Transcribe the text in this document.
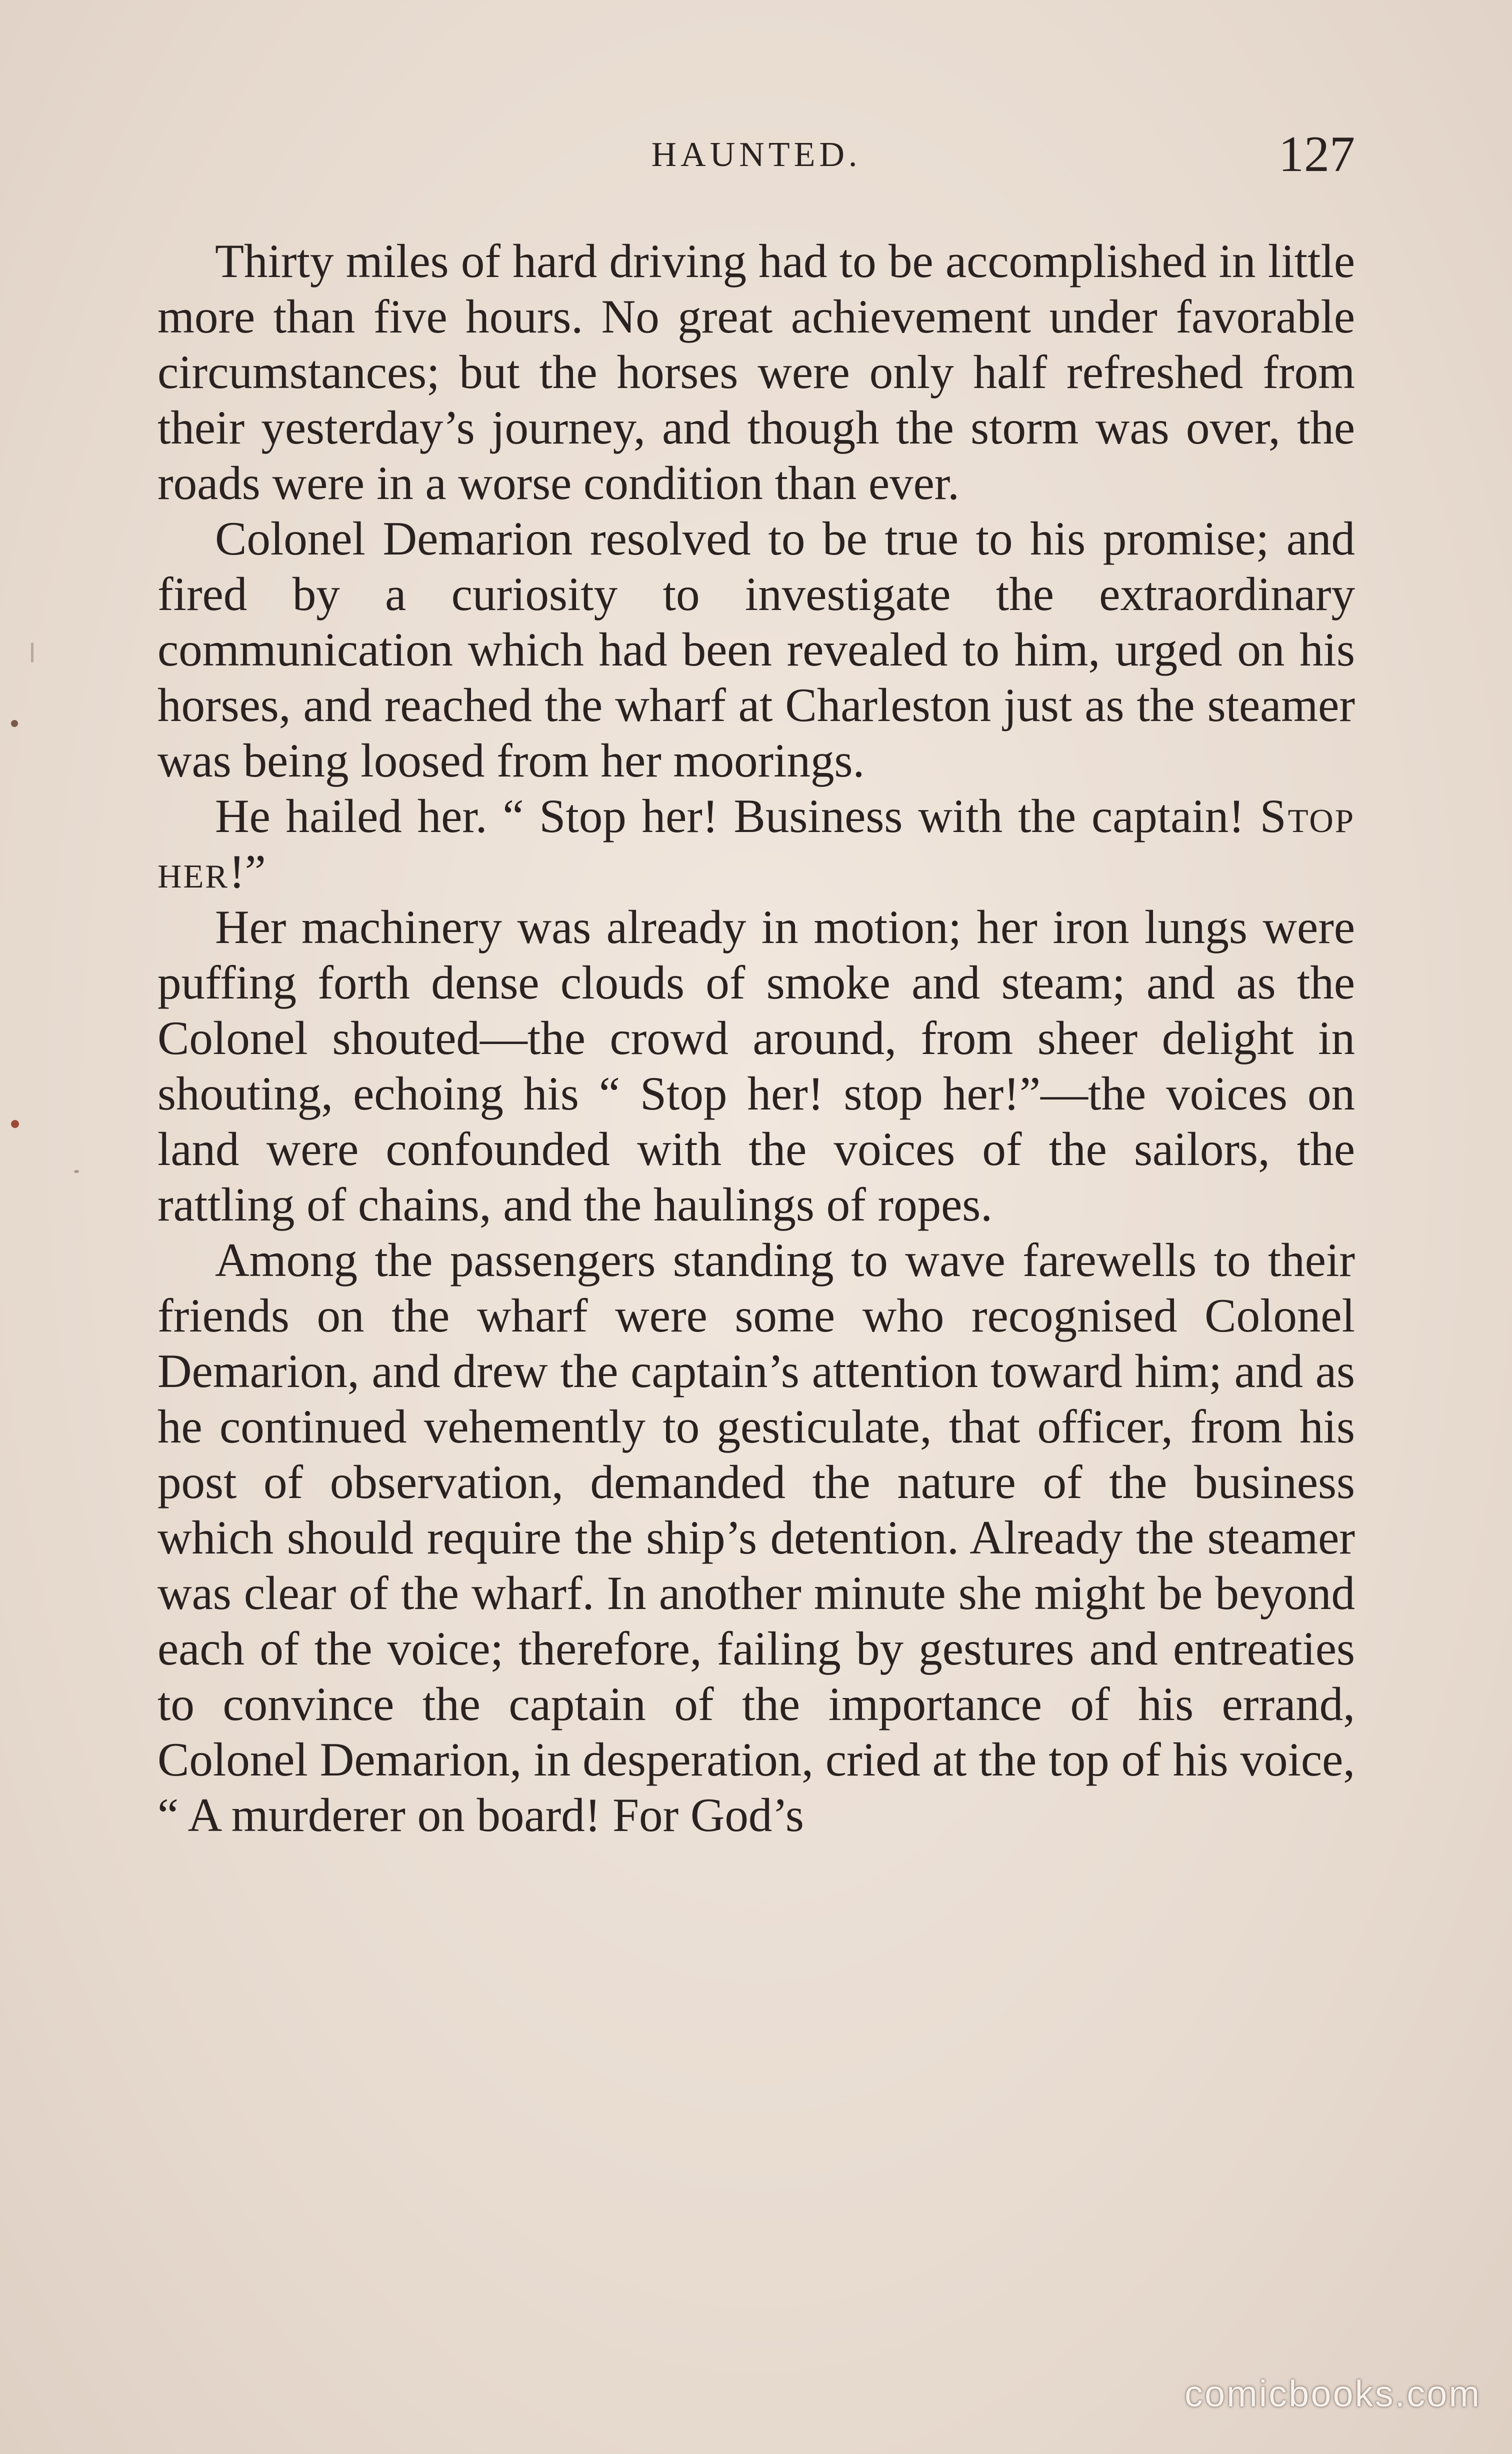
HAUNTED.	127

Thirty miles of hard driving had to be accomplished in little more than five hours. No great achievement under favorable circumstances; but the horses were only half refreshed from their yesterday’s journey, and though the storm was over, the roads were in a worse condition than ever.

Colonel Demarion resolved to be true to his promise; and fired by a curiosity to investigate the extraordinary communication which had been revealed to him, urged on his horses, and reached the wharf at Charleston just as the steamer was being loosed from her moorings.

He hailed her. “ Stop her! Business with the captain! Stop her!”

Her machinery was already in motion; her iron lungs were puffing forth dense clouds of smoke and steam; and as the Colonel shouted—the crowd around, from sheer delight in shouting, echoing his “ Stop her! stop her!”—the voices on land were confounded with the voices of the sailors, the rattling of chains, and the haulings of ropes.

Among the passengers standing to wave farewells to their friends on the wharf were some who recognised Colonel Demarion, and drew the captain’s attention toward him; and as he continued vehemently to gesticulate, that officer, from his post of observation, demanded the nature of the business which should require the ship’s detention. Already the steamer was clear of the wharf. In another minute she might be beyond each of the voice; therefore, failing by gestures and entreaties to convince the captain of the importance of his errand, Colonel Demarion, in desperation, cried at the top of his voice, “ A murderer on board! For God’s

comicbooks.com
